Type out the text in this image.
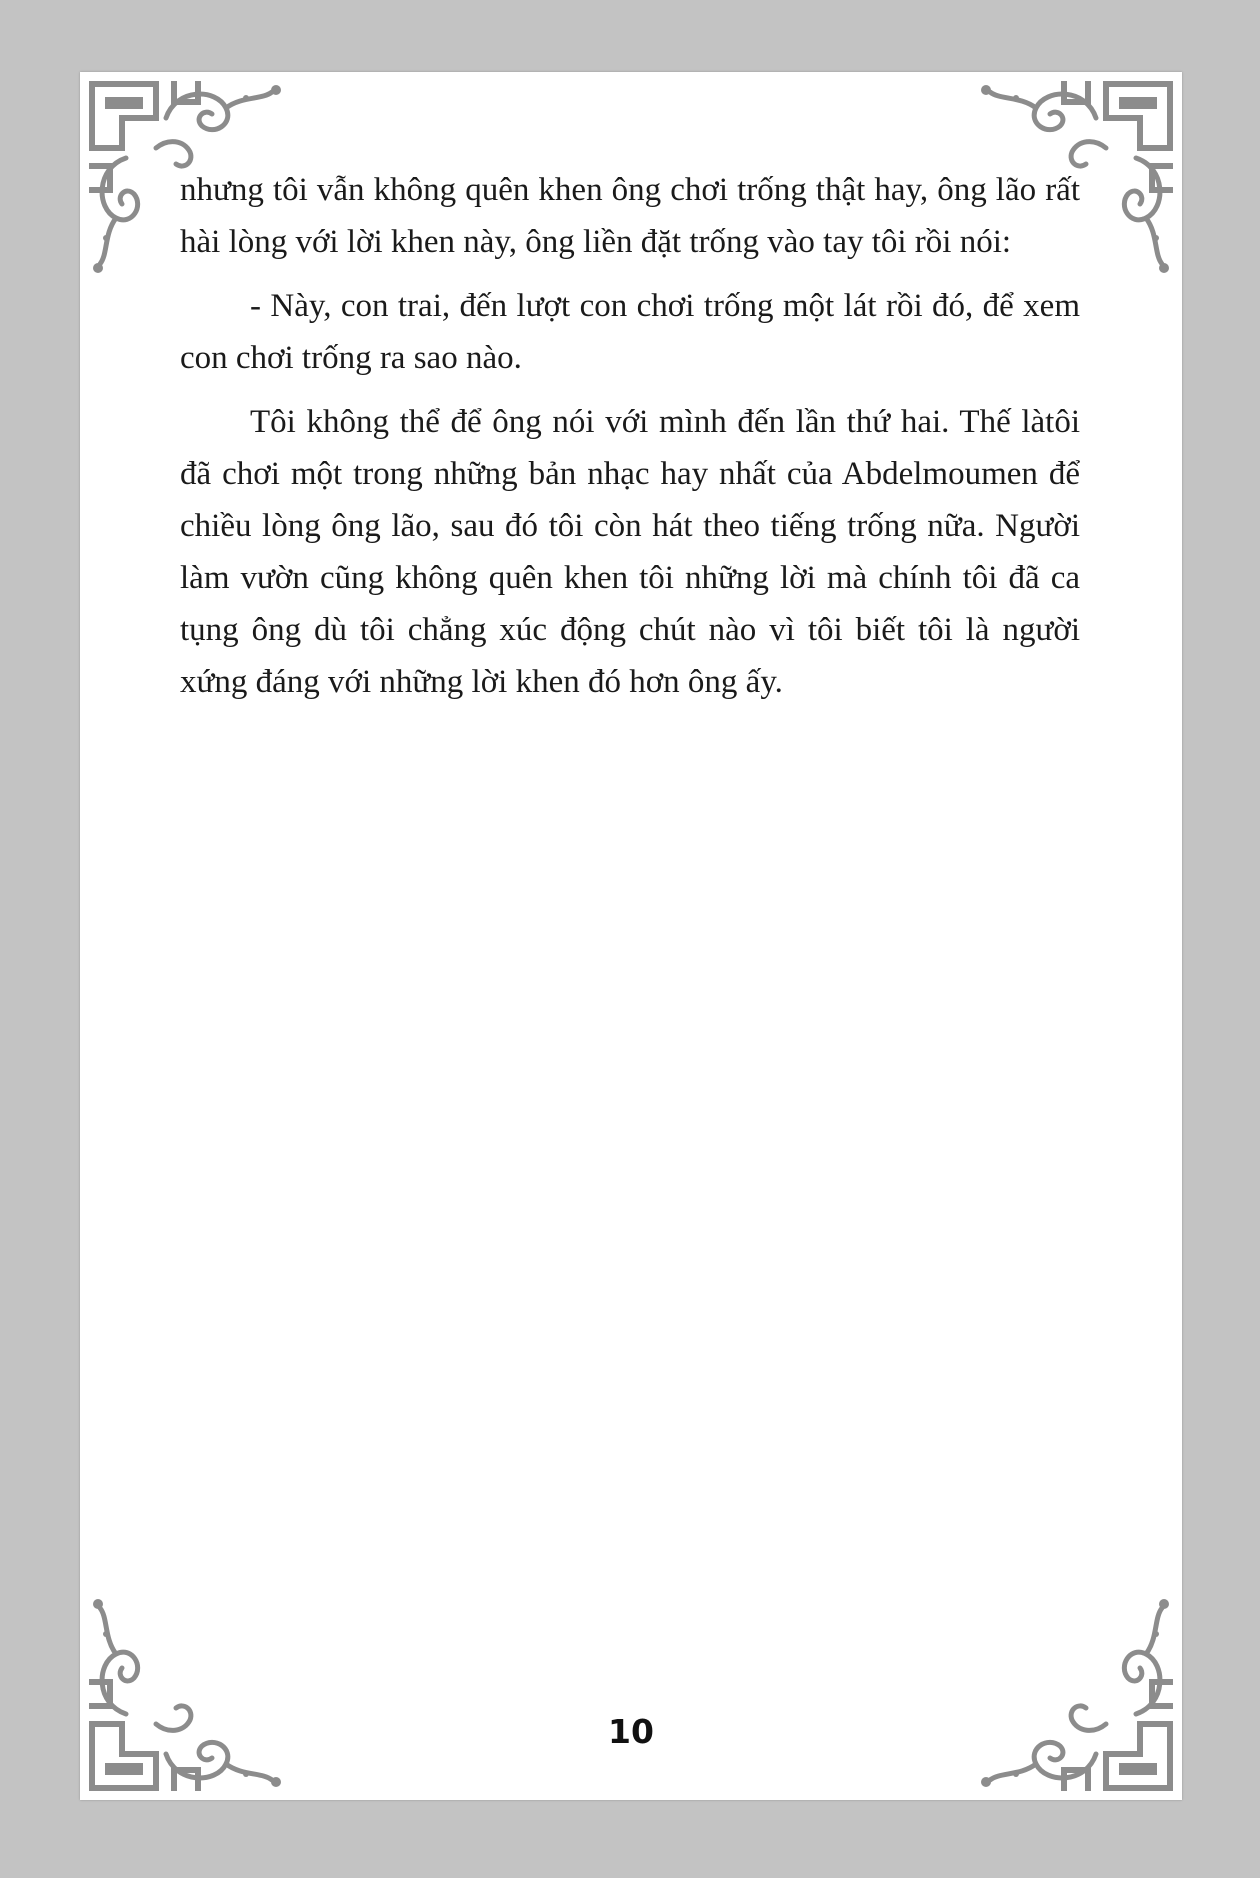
nhưng tôi vẫn không quên khen ông chơi trống thật hay, ông lão rất hài lòng với lời khen này, ông liền đặt trống vào tay tôi rồi nói:

- Này, con trai, đến lượt con chơi trống một lát rồi đó, để xem con chơi trống ra sao nào.

Tôi không thể để ông nói với mình đến lần thứ hai. Thế làtôi đã chơi một trong những bản nhạc hay nhất của Abdelmoumen để chiều lòng ông lão, sau đó tôi còn hát theo tiếng trống nữa. Người làm vườn cũng không quên khen tôi những lời mà chính tôi đã ca tụng ông dù tôi chẳng xúc động chút nào vì tôi biết tôi là người xứng đáng với những lời khen đó hơn ông ấy.

10
